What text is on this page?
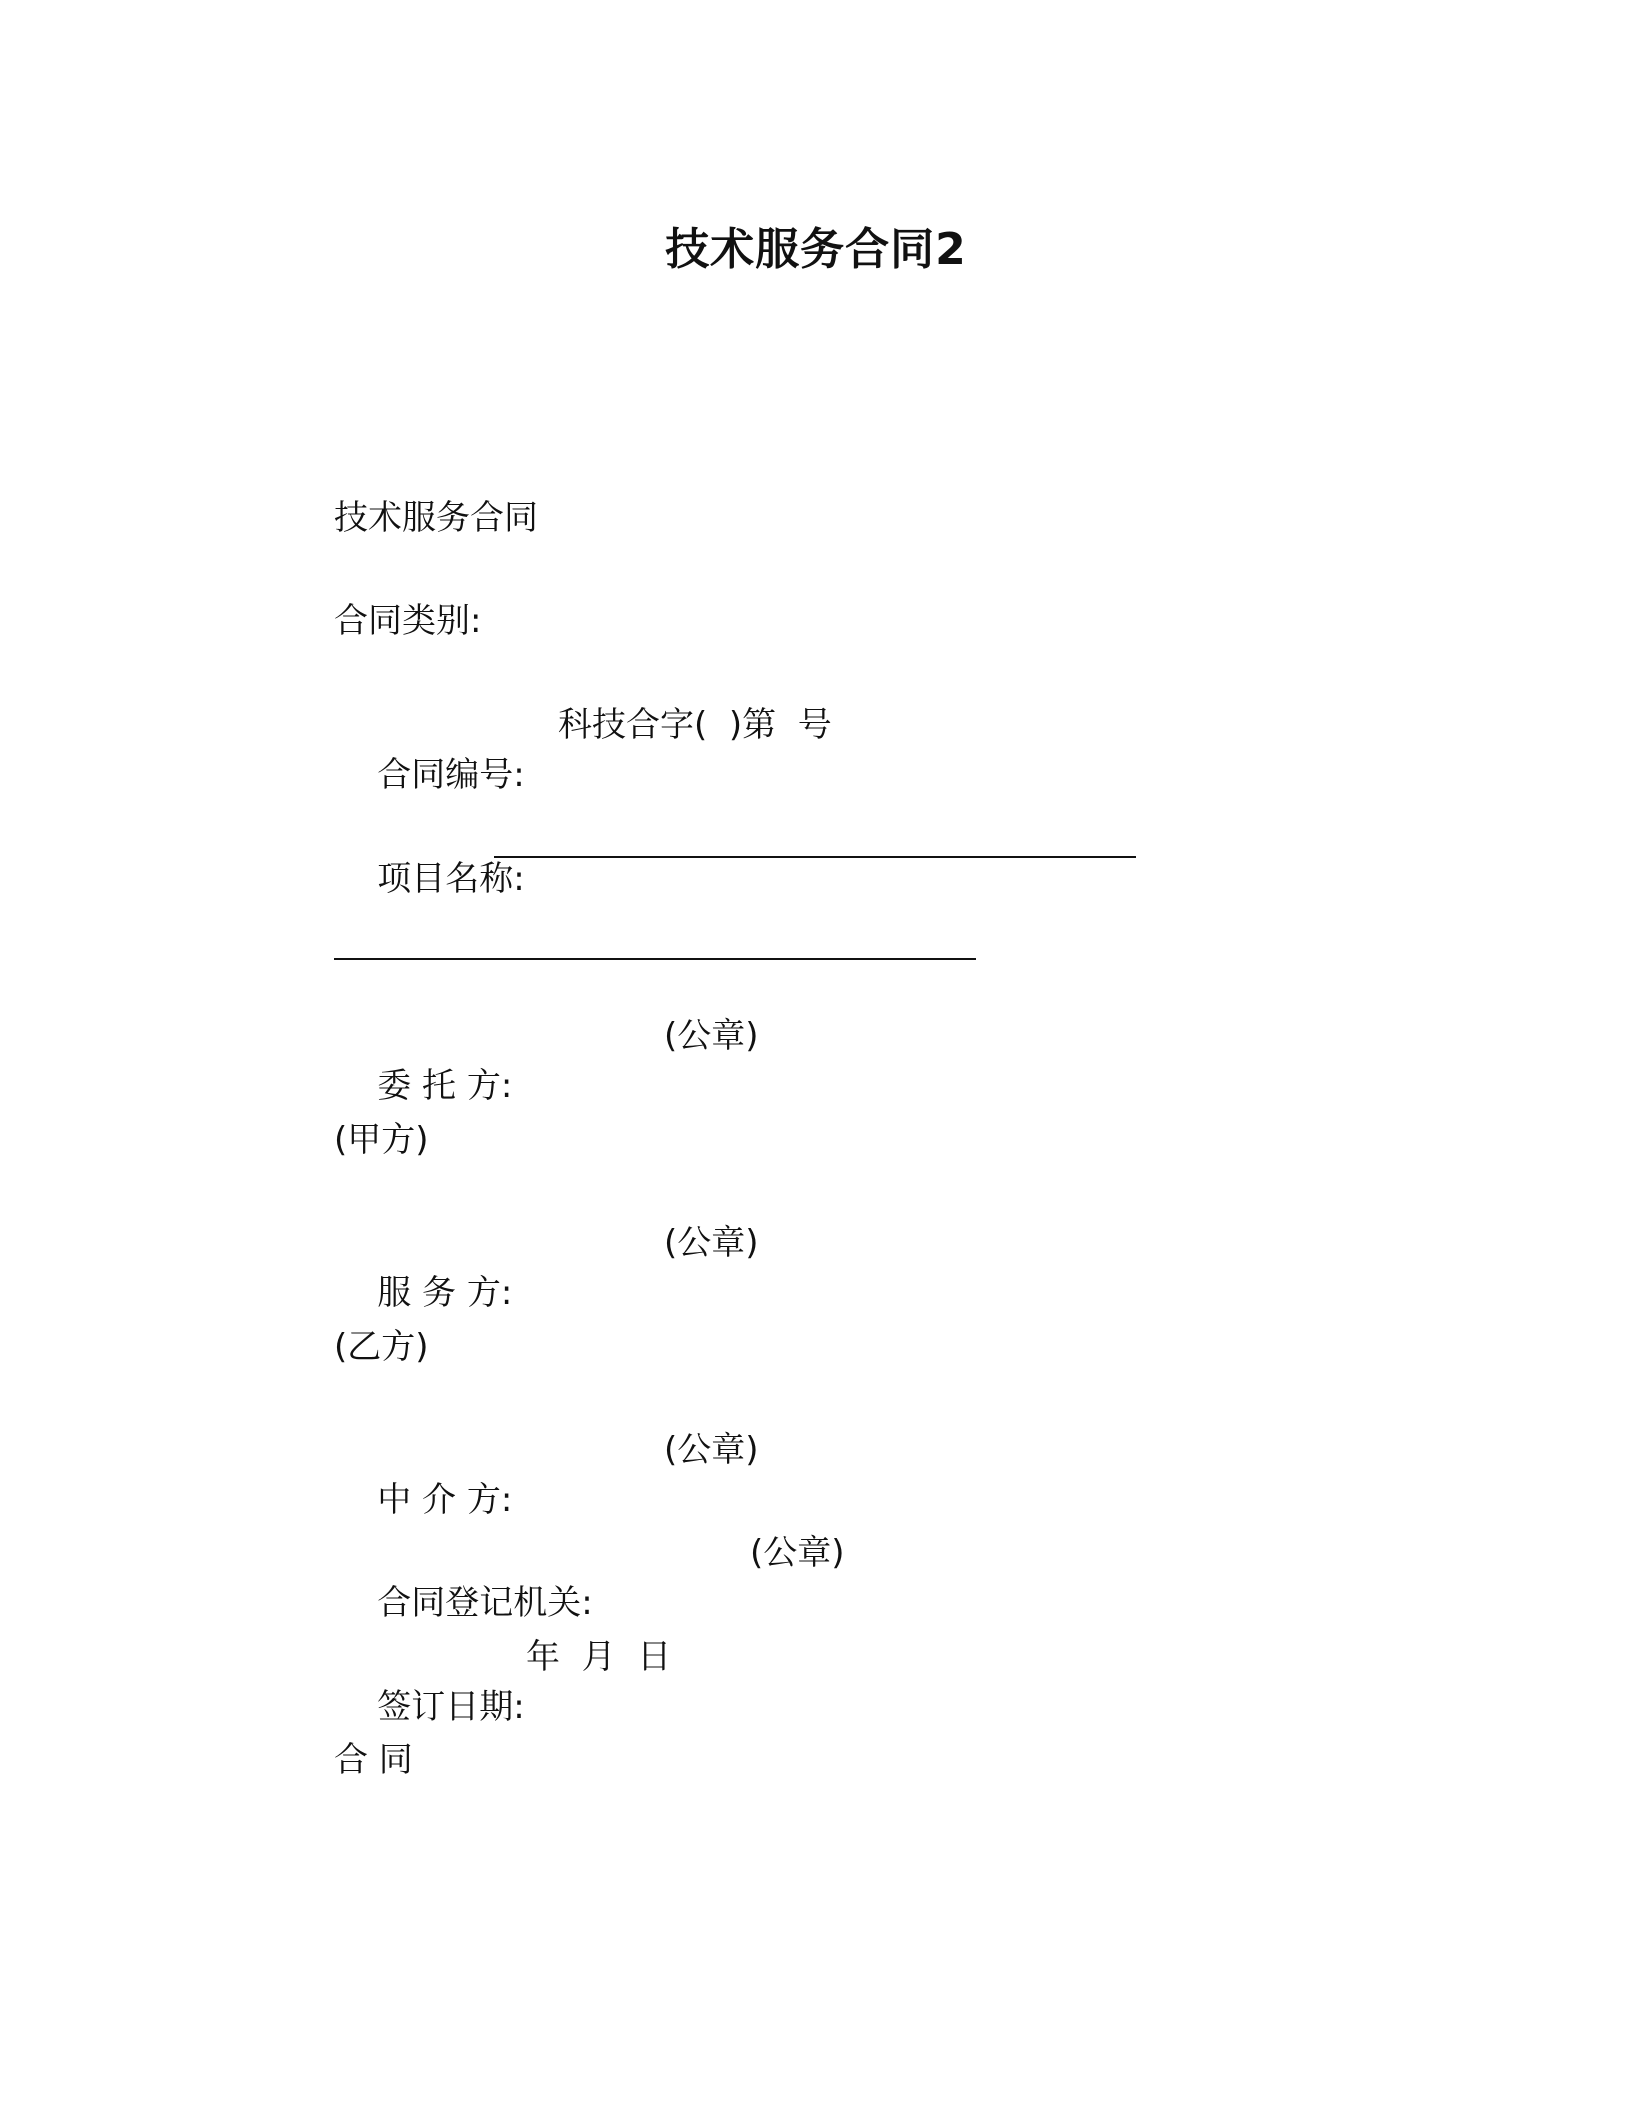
技术服务合同2
技术服务合同
合同类别:

合同编号:

科技合字(  )第  号

项目名称:

委 托 方:

(公章)

(甲方)

服 务 方:

(公章)

(乙方)

中 介 方:

(公章)

合同登记机关:

(公章)

签订日期:

年  月  日

合 同
